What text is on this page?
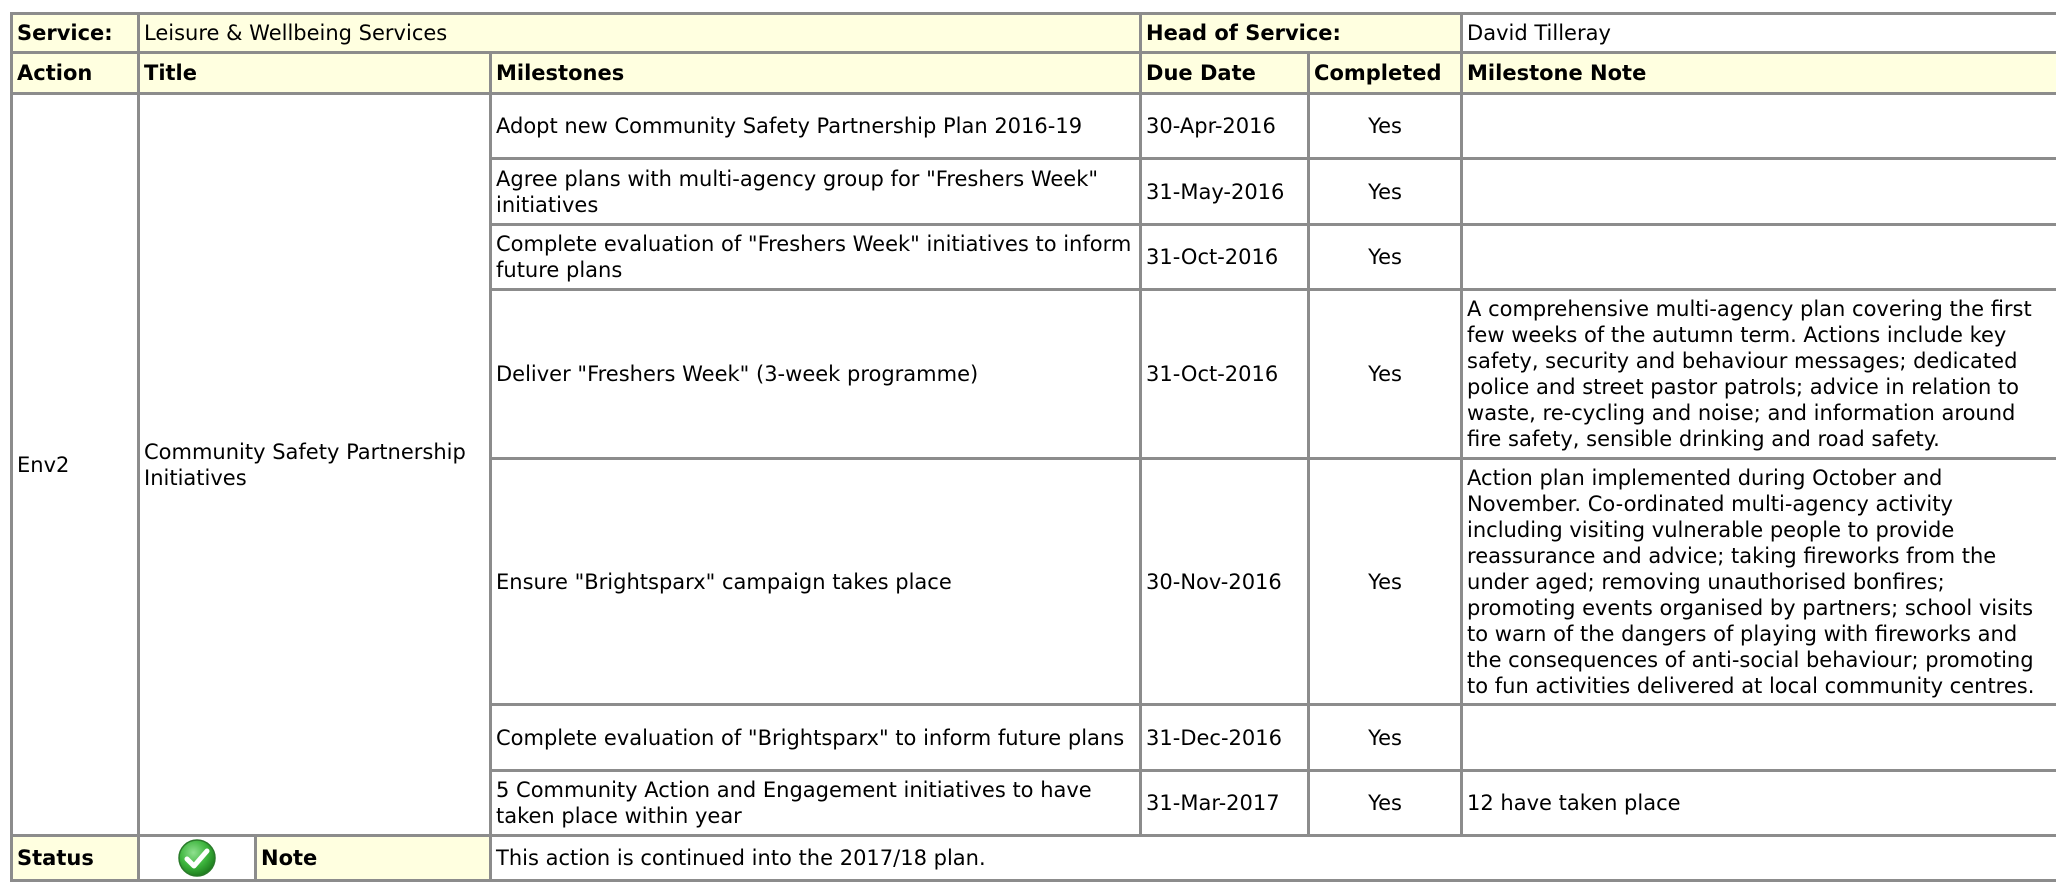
Service:	Leisure & Wellbeing Services			Head of Service:		David Tilleray
Action	Title		Milestones	Due Date	Completed	Milestone Note
Env2	Community Safety Partnership Initiatives		Adopt new Community Safety Partnership Plan 2016-19	30-Apr-2016	Yes	
			Agree plans with multi-agency group for "Freshers Week" initiatives	31-May-2016	Yes	
			Complete evaluation of "Freshers Week" initiatives to inform future plans	31-Oct-2016	Yes	
			Deliver "Freshers Week" (3-week programme)	31-Oct-2016	Yes	A comprehensive multi-agency plan covering the first few weeks of the autumn term. Actions include key safety, security and behaviour messages; dedicated police and street pastor patrols; advice in relation to waste, re-cycling and noise; and information around fire safety, sensible drinking and road safety.
			Ensure "Brightsparx" campaign takes place	30-Nov-2016	Yes	Action plan implemented during October and November. Co-ordinated multi-agency activity including visiting vulnerable people to provide reassurance and advice; taking fireworks from the under aged; removing unauthorised bonfires; promoting events organised by partners; school visits to warn of the dangers of playing with fireworks and the consequences of anti-social behaviour; promoting to fun activities delivered at local community centres.
			Complete evaluation of "Brightsparx" to inform future plans	31-Dec-2016	Yes	
			5 Community Action and Engagement initiatives to have taken place within year	31-Mar-2017	Yes	12 have taken place
Status		Note	This action is continued into the 2017/18 plan.			
